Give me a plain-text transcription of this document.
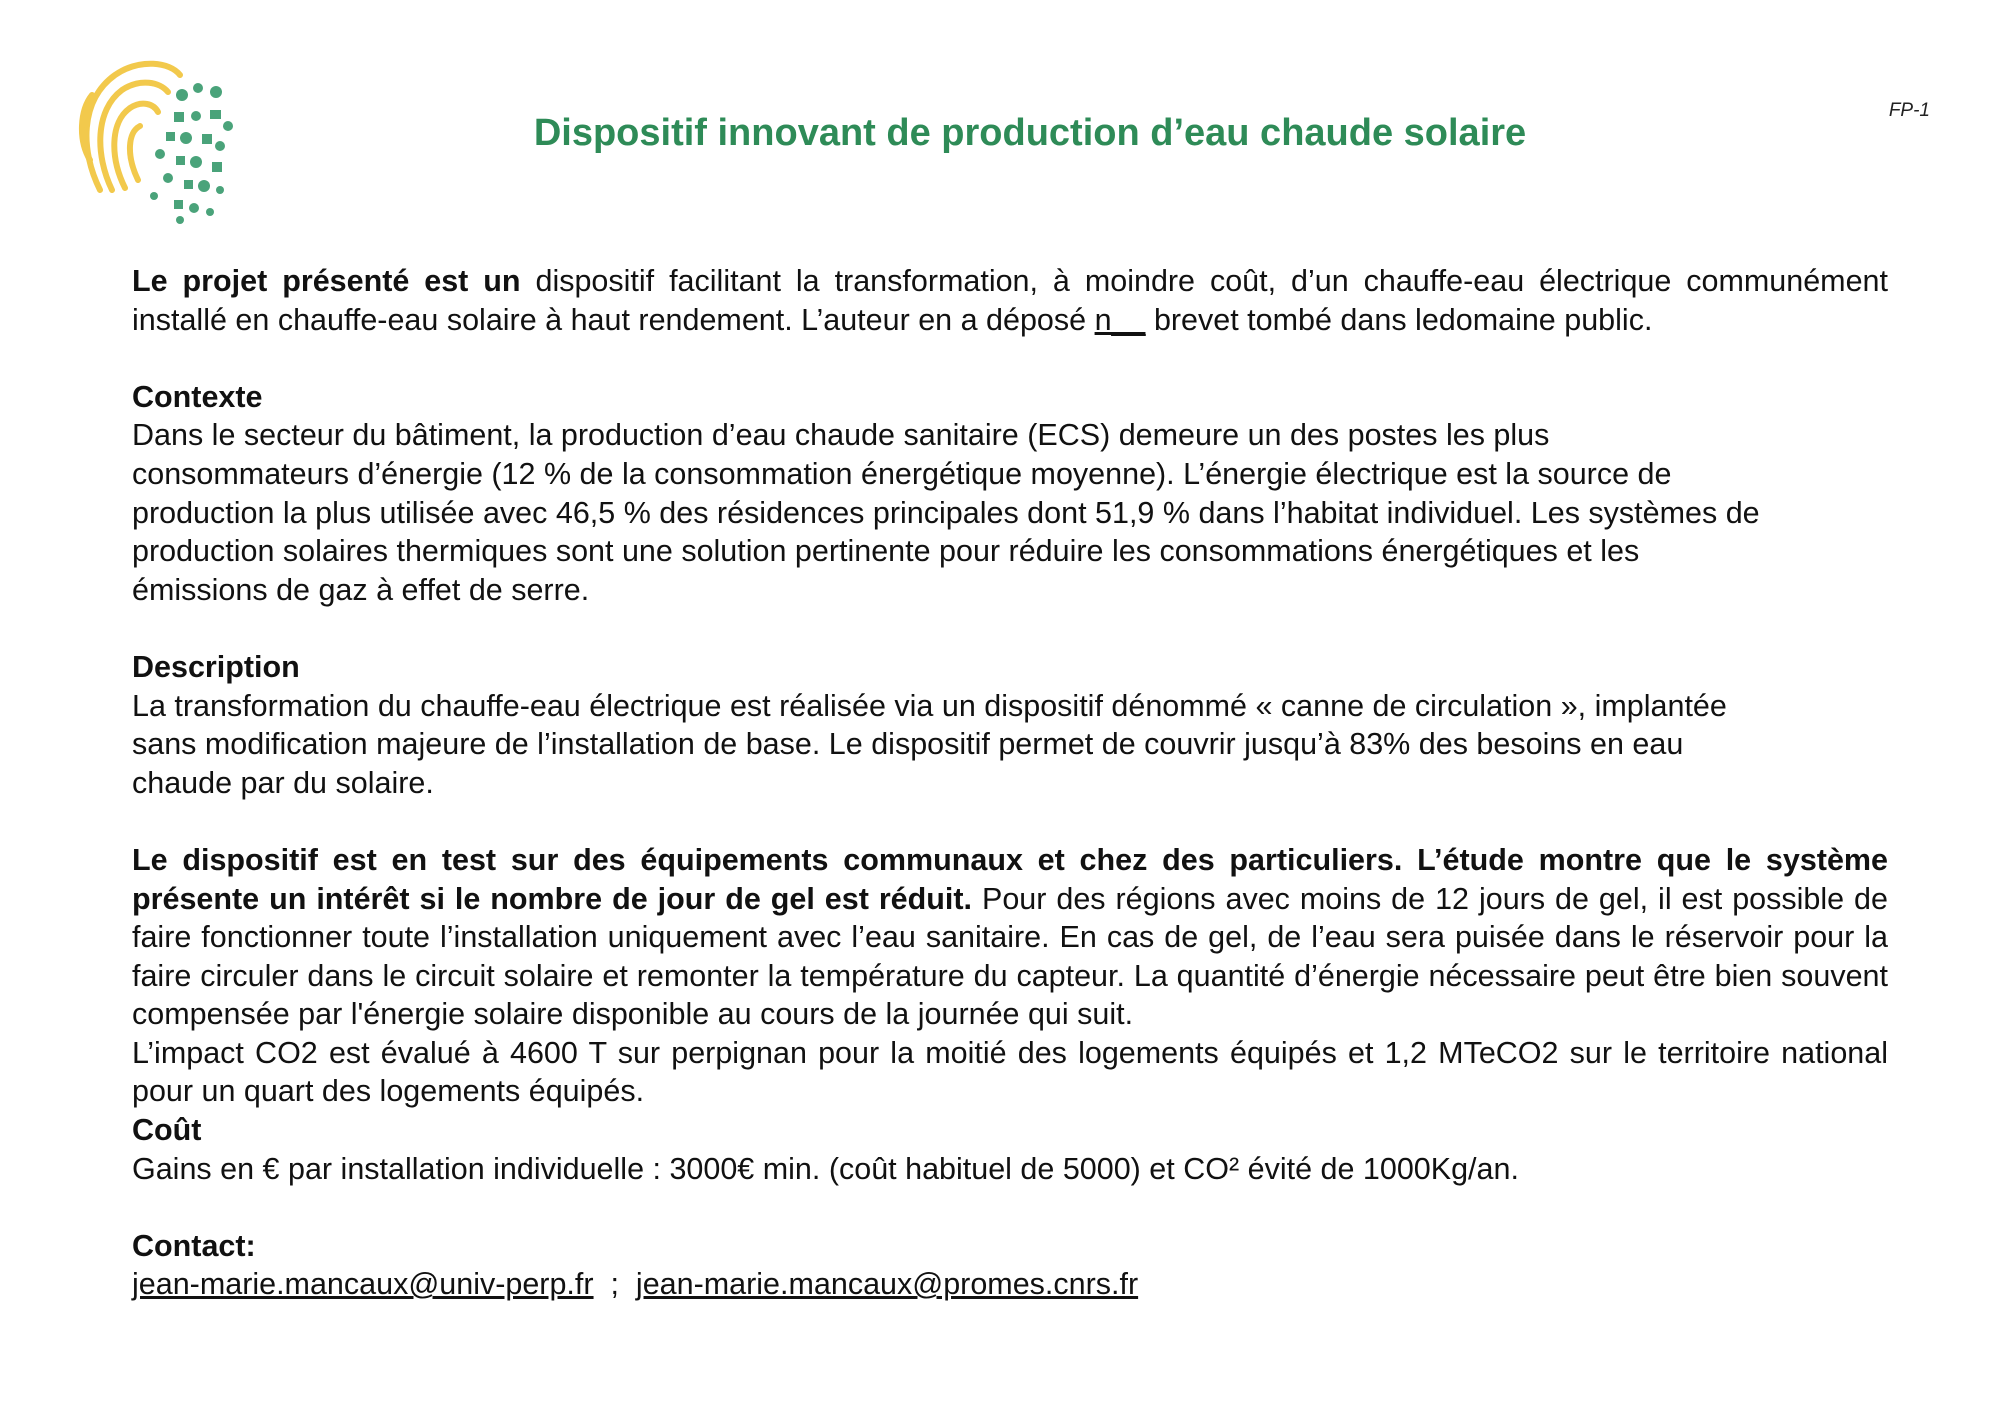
FP-1
Dispositif innovant de production d’eau chaude solaire

Le projet présenté est un dispositif facilitant la transformation, à moindre coût, d’un chauffe-eau électrique communément installé en chauffe-eau solaire à haut rendement. L’auteur en a déposé n__ brevet tombé dans ledomaine public.

Contexte

Dans le secteur du bâtiment, la production d’eau chaude sanitaire (ECS) demeure un des postes les plus

consommateurs d’énergie (12 % de la consommation énergétique moyenne). L’énergie électrique est la source de

production la plus utilisée avec 46,5 % des résidences principales dont 51,9 % dans l’habitat individuel. Les systèmes de

production solaires thermiques sont une solution pertinente pour réduire les consommations énergétiques et les

émissions de gaz à effet de serre.

Description

La transformation du chauffe-eau électrique est réalisée via un dispositif dénommé « canne de circulation », implantée

sans modification majeure de l’installation de base. Le dispositif permet de couvrir jusqu’à 83% des besoins en eau

chaude par du solaire.

Le dispositif est en test sur des équipements communaux et chez des particuliers. L’étude montre que le système présente un intérêt si le nombre de jour de gel est réduit. Pour des régions avec moins de 12 jours de gel, il est possible de faire fonctionner toute l’installation uniquement avec l’eau sanitaire. En cas de gel, de l’eau sera puisée dans le réservoir pour la faire circuler dans le circuit solaire et remonter la température du capteur. La quantité d’énergie nécessaire peut être bien souvent compensée par l'énergie solaire disponible au cours de la journée qui suit.

L’impact CO2 est évalué à 4600 T sur perpignan pour la moitié des logements équipés et 1,2 MTeCO2 sur le territoire national pour un quart des logements équipés.

Coût

Gains en € par installation individuelle : 3000€ min. (coût habituel de 5000) et CO² évité de 1000Kg/an.

Contact:

jean-marie.mancaux@univ-perp.fr  ;  jean-marie.mancaux@promes.cnrs.fr
